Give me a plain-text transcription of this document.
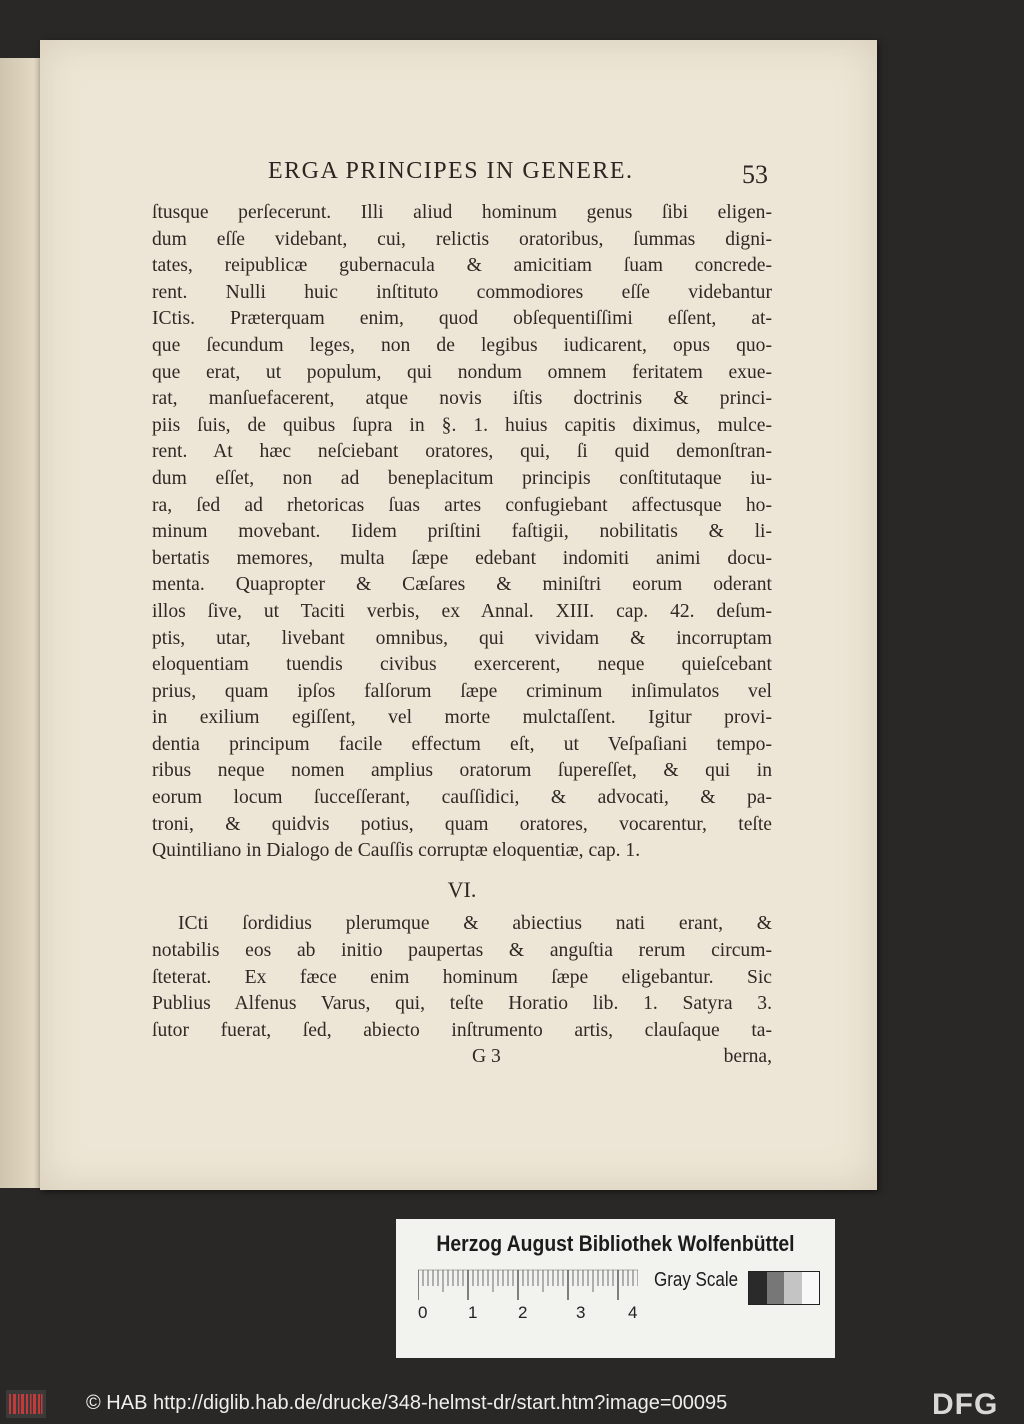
ERGA PRINCIPES IN GENERE.	53
ſtusque perſecerunt. Illi aliud hominum genus ſibi eligen-
dum eſſe videbant, cui, relictis oratoribus, ſummas digni-
tates, reipublicæ gubernacula & amicitiam ſuam concrede-
rent. Nulli huic inſtituto commodiores eſſe videbantur
ICtis. Præterquam enim, quod obſequentiſſimi eſſent, at-
que ſecundum leges, non de legibus iudicarent, opus quo-
que erat, ut populum, qui nondum omnem feritatem exue-
rat, manſuefacerent, atque novis iſtis doctrinis & princi-
piis ſuis, de quibus ſupra in §. 1. huius capitis diximus, mulce-
rent. At hæc neſciebant oratores, qui, ſi quid demonſtran-
dum eſſet, non ad beneplacitum principis conſtitutaque iu-
ra, ſed ad rhetoricas ſuas artes confugiebant affectusque ho-
minum movebant. Iidem priſtini faſtigii, nobilitatis & li-
bertatis memores, multa ſæpe edebant indomiti animi docu-
menta. Quapropter & Cæſares & miniſtri eorum oderant
illos ſive, ut Taciti verbis, ex Annal. XIII. cap. 42. deſum-
ptis, utar, livebant omnibus, qui vividam & incorruptam
eloquentiam tuendis civibus exercerent, neque quieſcebant
prius, quam ipſos falſorum ſæpe criminum inſimulatos vel
in exilium egiſſent, vel morte mulctaſſent. Igitur provi-
dentia principum facile effectum eſt, ut Veſpaſiani tempo-
ribus neque nomen amplius oratorum ſupereſſet, & qui in
eorum locum ſucceſſerant, cauſſidici, & advocati, & pa-
troni, & quidvis potius, quam oratores, vocarentur, teſte
Quintiliano in Dialogo de Cauſſis corruptæ eloquentiæ, cap. 1.
VI.
ICti ſordidius plerumque & abiectius nati erant, &
notabilis eos ab initio paupertas & anguſtia rerum circum-
ſteterat. Ex fæce enim hominum ſæpe eligebantur. Sic
Publius Alfenus Varus, qui, teſte Horatio lib. 1. Satyra 3.
ſutor fuerat, ſed, abiecto inſtrumento artis, clauſaque ta-
G 3	berna,
Herzog August Bibliothek Wolfenbüttel
0 1 2	3	4
Gray Scale
© HAB http://diglib.hab.de/drucke/348-helmst-dr/start.htm?image=00095	DFG
